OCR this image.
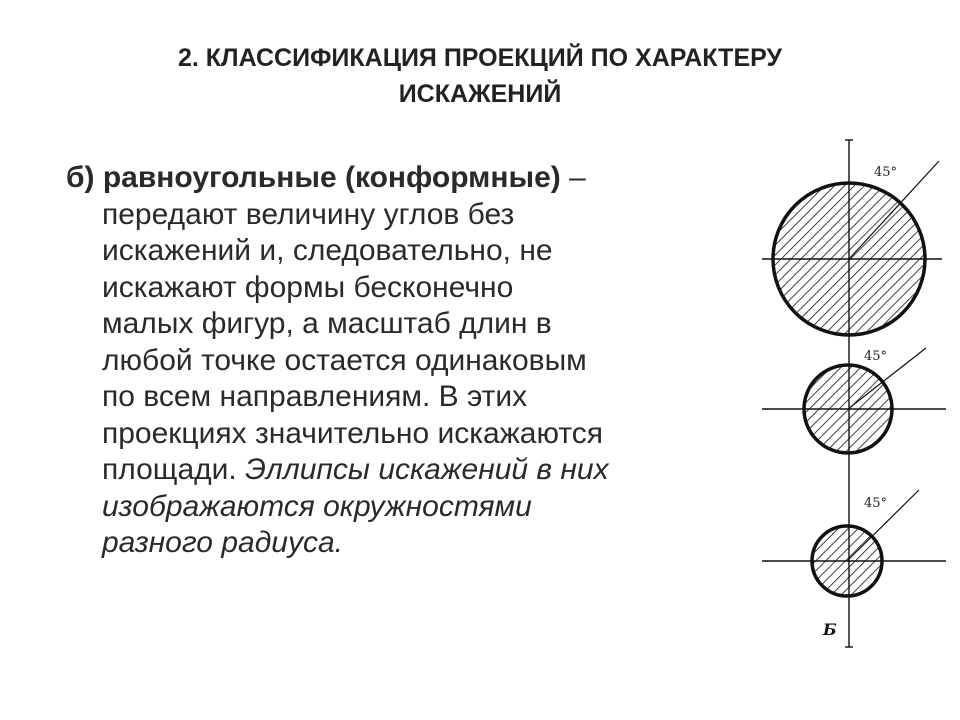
2. КЛАССИФИКАЦИЯ ПРОЕКЦИЙ ПО ХАРАКТЕРУ
ИСКАЖЕНИЙ
б) равноугольные (конформные) –
передают величину углов без
искажений и, следовательно, не
искажают формы бесконечно
малых фигур, а масштаб длин в
любой точке остается одинаковым
по всем направлениям. В этих
проекциях значительно искажаются
площади. Эллипсы искажений в них
изображаются окружностями
разного радиуса.
45°
45°
45°
Б
